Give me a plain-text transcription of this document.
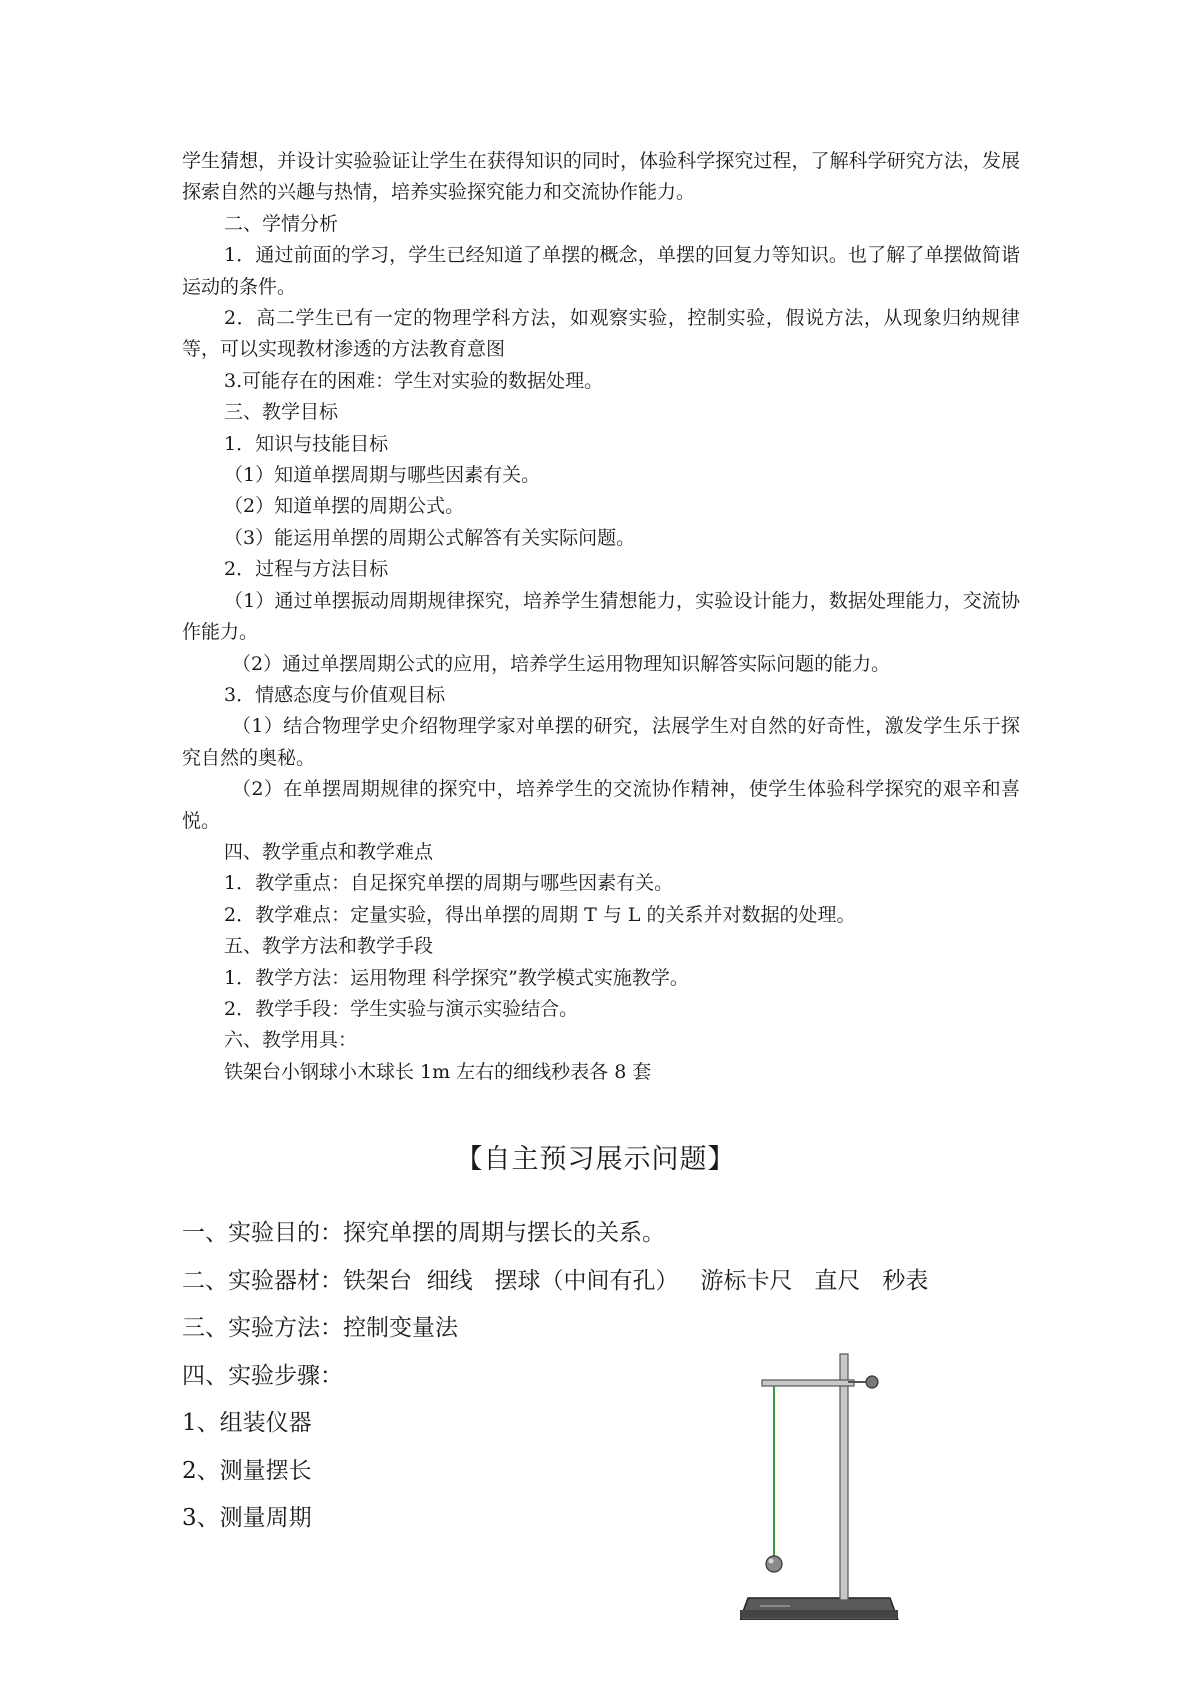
学生猜想，并设计实验验证让学生在获得知识的同时，体验科学探究过程，了解科学研究方法，发展探索自然的兴趣与热情，培养实验探究能力和交流协作能力。

二、学情分析

1．通过前面的学习，学生已经知道了单摆的概念，单摆的回复力等知识。也了解了单摆做简谐运动的条件。

2．高二学生已有一定的物理学科方法，如观察实验，控制实验，假说方法，从现象归纳规律等，可以实现教材渗透的方法教育意图

3.可能存在的困难：学生对实验的数据处理。

三、教学目标

1．知识与技能目标

（1）知道单摆周期与哪些因素有关。

（2）知道单摆的周期公式。

（3）能运用单摆的周期公式解答有关实际问题。

2．过程与方法目标

（1）通过单摆振动周期规律探究，培养学生猜想能力，实验设计能力，数据处理能力，交流协作能力。

（2）通过单摆周期公式的应用，培养学生运用物理知识解答实际问题的能力。

3．情感态度与价值观目标

（1）结合物理学史介绍物理学家对单摆的研究，法展学生对自然的好奇性，激发学生乐于探究自然的奥秘。

（2）在单摆周期规律的探究中，培养学生的交流协作精神，使学生体验科学探究的艰辛和喜悦。

四、教学重点和教学难点

1．教学重点：自足探究单摆的周期与哪些因素有关。

2．教学难点：定量实验，得出单摆的周期 T 与 L 的关系并对数据的处理。

五、教学方法和教学手段

1．教学方法：运用物理 科学探究”教学模式实施教学。

2．教学手段：学生实验与演示实验结合。

六、教学用具：

铁架台小钢球小木球长 1m 左右的细线秒表各 8 套

【自主预习展示问题】

一、实验目的：探究单摆的周期与摆长的关系。

二、实验器材：铁架台  细线   摆球（中间有孔）   游标卡尺   直尺   秒表

三、实验方法：控制变量法

四、实验步骤：

1、组装仪器

2、测量摆长

3、测量周期
